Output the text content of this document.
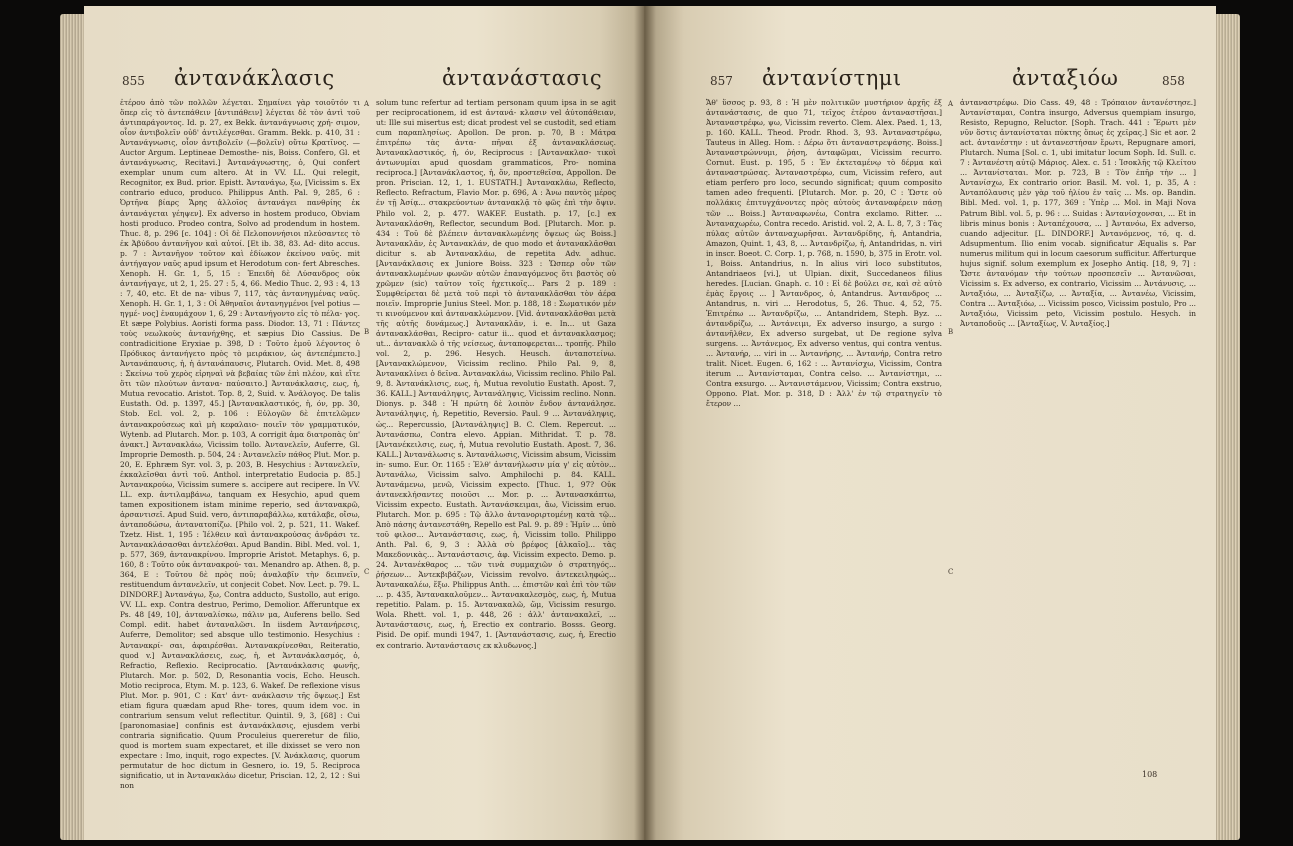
855 ἀντανάκλασις	ἀντανάστασις

ἐτέρου ἀπὸ τῶν πολλῶν λέγεται. Σημαίνει γὰρ τοιοῦτόν τι ὅπερ εἰς τὸ ἀντεπάθειν [ἀντιπάθειν] λέγεται δὲ τὸν ἀντὶ τοῦ ἀντιπαράγοντος. Id. p. 27, ex Bekk. ἀντανάγνωσις χρή- σιμον, οἷον ἀντιβολεῖν οὐδ' ἀντιλέγεσθαι. Gramm. Bekk. p. 410, 31 : Ἀντανάγνωσις, οἷον ἀντιβολεῖν (—βολεῖν) οὔτω Κρατῖνος. — Auctor Argum. Leptineae Demosthe- nis, Boiss. Confero, Gl. et ἀντανάγνωσις, Recitavi.] Ἀντανάγνωστης, ὁ, Qui confert exemplar unum cum altero. At in VV. LL. Qui relegit, Recognitor, ex Bud. prior. Epistt. Ἀντανάγω, ξω, [Vicissim s. Ex contrario educo, produco. Philippus Anth. Pal. 9, 285, 6 : Ὀρτῆνα βίαρς Ἄρης ἀλλοῖος ἀντανάγει πανθρίης ἐκ ἀντανάγεται γέηψεν]. Ex adverso in hostem produco, Obviam hosti produco. Prodeo contra, Solvo ad prodendum in hostem. Thuc. 8, p. 296 [c. 104] : Οἱ δὲ Πελοποννήσιοι πλεύσαντες τὸ ἐκ Ἀβύδου ἀντανῆγον καὶ αὐτοί. [Et ib. 38, 83. Ad- dito accus. p. 7 : Ἀντανῆγον τοῦτον καὶ ἐδίωκον ἐκείνου ναῦς. mit ἀντήγαγον ναῦς apud ipsum et Herodotum con- fert Abresches. Xenoph. H. Gr. 1, 5, 15 : Ἐπειδὴ δὲ Λύσανδρος οὐκ ἀντανήγαγε, ut 2, 1, 25. 27 : 5, 4, 66. Medio Thuc. 2, 93 : 4, 13 : 7, 40, etc. Et de na- vibus 7, 117, τὰς ἀντανηγμένας ναῦς. Xenoph. H. Gr. 1, 1, 3 : Οἱ Ἀθηναῖοι ἀντανηγμένοι [vel potius —ηγμέ- νος] ἐναυμάχουν 1, 6, 29 : Ἀντανήγοντο εἰς τὸ πέλα- γος. Et sæpe Polybius. Aoristi forma pass. Diodor. 13, 71 : Πάντες τοὺς νεωλκοὺς ἀντανήχθης, et sæpius Dio Cassius. De contradicitione Eryxiae p. 398, D : Τοῦτο ἐμοῦ λέγοντος ὁ Πρόδικος ἀντανήγετο πρὸς τὸ μειράκιον, ὡς ἀντεπέμπετο.] Ἀντανάπαυσις, ἡ, ἡ ἀντανάπαυσις, Plutarch. Ovid. Met. 8, 498 : Σκείνω τοῦ χερὸς εἰρηναὶ νὰ βεβαίας τῶν ἐπὶ πλέον, καὶ εἴτε ὅτι τῶν πλούτων ἀντανα- παύσαιτο.] Ἀντανάκλασις, εως, ἡ, Mutua revocatio. Aristot. Top. 8, 2, Suid. v. Ἀνάλογος. De talis Eustath. Od. p. 1397, 45.] [Ἀντανακλαστικός, ἡ, όν, pp. 30, Stob. Ecl. vol. 2, p. 106 : Εὐλογῶν δὲ ἐπιτελῶμεν ἀντανακρούσεως καὶ μὴ κεφαλαιο- ποιεῖν τὸν γραμματικόν, Wytenb. ad Plutarch. Mor. p. 103, A corrigit ἀμα διατροπὰς ὑπ' ἀνακτ.] Ἀντανακλάω, Vicissim tollo. Ἀντανελεῖν, Auferre, Gl. Improprie Demosth. p. 504, 24 : Ἀντανελεῖν πάθος Plut. Mor. p. 20, E. Ephræm Syr. vol. 3, p. 203, B. Hesychius : Ἀντανελεῖν, ἐκκαλεῖσθαι ἀντὶ τοῦ. Anthol. interpretatio Eudocia p. 85.] Ἀντανακρούω, Vicissim sumere s. accipere aut recipere. In VV. LL. exp. ἀντιλαμβάνω, tanquam ex Hesychio, apud quem tamen expositionem istam minime reperio, sed ἀντανακρῶ, ἀρσαντισεῖ. Apud Suid. vero, ἀντιπαραβάλλω, κατάλαβε, οἴσω, ἀνταποδώσω, ἀντανατοπίζω. [Philo vol. 2, p. 521, 11. Wakef. Tzetz. Hist. 1, 195 : Ἰέλθειν καὶ ἀντανακρούσας ἀνδράσι τε. Ἀντανακλάσασθαι ἀντελέσθαι. Apud Bandin. Bibl. Med. vol. 1, p. 577, 369, ἀντανακρίνου. Improprie Aristot. Metaphys. 6, p. 160, 8 : Τοῦτο οὐκ ἀντανακρού- ται. Menandro ap. Athen. 8, p. 364, E : Τοῦτου δὲ πρὸς ποῦ; ἀναλαβῖν τὴν δειπνεῖν, restituendum ἀντανελεῖν, ut conjecit Cobet. Nov. Lect. p. 79. L. DINDORF.] Ἀντανάγω, ξω, Contra adducto, Sustollo, aut erigo. VV. LL. exp. Contra destruo, Perimo, Demolior. Afferuntque ex Ps. 48 [49, 10], ἀνταναλίσκω, πάλιν μα, Auferens bello. Sed Compl. edit. habet ἀνταναλῶσι. In iisdem Ἀντανήρεσις, Auferre, Demolitor; sed absque ullo testimonio. Hesychius : Ἀντανακρί- σαι, ἀφαιρέσθαι. Ἀντανακρίνεσθαι, Reiteratio, quod v.] Ἀντανακλάσεις, εως, ἡ, et Ἀντανάκλασμός, ὁ, Refractio, Reflexio. Reciprocatio. [Ἀντανάκλασις φωνῆς, Plutarch. Mor. p. 502, D, Resonantia vocis, Echo. Heusch. Motio reciproca, Etym. M. p. 123, 6. Wakef. De reflexione visus Plut. Mor. p. 901, C : Κατ' ἀντ- ανάκλασιν τῆς ὄψεως.] Est etiam figura quædam apud Rhe- tores, quum idem voc. in contrarium sensum velut reflectitur. Quintil. 9, 3, [68] : Cui [paronomasiae] confinis est ἀντανάκλασις, ejusdem verbi contraria significatio. Quum Proculeius quereretur de filio, quod is mortem suam expectaret, et ille dixisset se vero non expectare : Imo, inquit, rogo expectes. [V. Ἀνάκλασις, quorum permutatur de hoc dictum in Gesnero, io. 19, 5. Reciproca significatio, ut in Ἀντανακλάω dicetur, Priscian. 12, 2, 12 : Sui non

A
B
C

solum tunc refertur ad tertiam personam quum ipsa in se agit per reciprocationem, id est ἀντανά- κλασιν vel ἀύτοπάθειαν, ut: Ille sui misertus est; dicat prodest vel se custodit, sed etiam cum παραπλησίως. Apollon. De pron. p. 70, B : Μάτρα ἐπιτρέπω τὰς ἀντα- πῆναι ἐξ ἀντανακλάσεως. Ἀντανακλαστικός, ἡ, όν, Reciprocus : [Ἀντανακλασ- τικοὶ ἀντωνυμίαι apud quosdam grammaticos, Pro- nomina reciproca.] [Ἀντανάκλαστος, ἡ, ὄν, προστεθεῖσα, Appollon. De pron. Priscian. 12, 1, 1. EUSTATH.] Ἀντανακλάω, Reflecto, Reflecto. Refractum, Flavio Mor. p. 696, A : Ἀνω παντὸς μέρος ἐν τῇ Ἀσίᾳ... στακρεύοντων ἀντανακλᾷ τὸ φῶς ἐπὶ τὴν ὄψιν. Philo vol. 2, p. 477. WAKEF. Eustath. p. 17, [c.] ex Ἀντανακλάσθη, Reflector, secundum Bod. [Plutarch. Mor. p. 434 : Τοῦ δὲ βλέπειν ἀντανακλωμένης ὄψεως ὡς Boiss.] Ἀντανακλᾶν, ἐς Ἀντανακλάν, de quo modo et ἀντανακλᾶσθαι dicitur s. ab Ἀντανακλάω, de repetita Adv. adhuc. [Ἀντανάκλασις ex Juniore Boiss. 323 : Ὥσπερ οὖν τῶν ἀντανακλωμένων φωνῶν αὐτῶν ἐπαναγόμενος ὅτι βαστὸς οὐ χρῶμεν (sic) ταῦτον τοῖς ἠχετικοῖς... Pars 2 p. 189 : Συμφθείρεται δὲ μετὰ τοῦ περὶ τὸ ἀντανακλᾶσθαι τὸν ἀέρα ποιεῖν. Improprie Junius Steel. Mor. p. 188, 18 : Σωματικόν μέν τι κινούμενον καὶ ἀντανακλώμενον. [Vid. ἀντανακλᾶσθαι μετὰ τῆς αὐτῆς δυνάμεως.] Ἀντανακλᾶν, i. e. In... ut Gaza ἀντανακλάσθαι, Recipro- catur ii... quod et ἀντανακλασμος; ut... ἀντανακλῶ ὁ τῆς νείσεως, ἀνταποφερεται... τροπῆς. Philo vol. 2, p. 296. Hesych. Heusch. ἀνταποτείνω. [Ἀντανακλώμενον, Vicissim reclino. Philo Pal. 9, 8, Ἀντανακλίνει ὁ δεῖνα. Ἀντανακλάω, Vicissim reclino. Philo Pal. 9, 8. Ἀντανάκλισις, εως, ἡ, Mutua revolutio Eustath. Apost. 7, 36. KALL.] Ἀντανάληψις, Ἀντανάληψις, Vicissim reclino. Nonn. Dionys. p. 348 : Ἡ πρώτη δὲ λοιπὸν ἔνδον ἀντανάλησε. Ἀντανάληψις, ἡ, Repetitio, Reversio. Paul. 9 ... Ἀντανάληψις, ὡς... Repercussio, [Ἀντανάληψις] B. C. Clem. Repercut. ... Ἀντανάσπω, Contra elevo. Appian. Mithridat. T. p. 78. [Ἀντανέκειλσις, εως, ἡ, Mutua revolutio Eustath. Apost. 7, 36. KALL.] Ἀντανάλωσις s. Ἀντανάλωσις, Vicissim absum, Vicissim in- sumo. Eur. Or. 1165 : Ἐλθ' ἀντανήλωσιν μία γ' εἰς αὐτὸν... Ἀντανάλω, Vicissim salvo. Amphilochi p. 84. KALL. Ἀντανάμενω, μενῶ, Vicissim expecto. [Thuc. 1, 97? Οὐκ ἀντανεκλήσαντες ποιοῦσι ... Mor. p. ... Ἀντανασκάπτω, Vicissim expecto. Eustath. Ἀντανάσκειμαι, ἄω, Vicissim eruo. Plutarch. Mor. p. 695 : Τῷ ἄλλο ἀντανοριρτομένῃ κατὰ τῷ... Ἀπὸ πάσης ἀντανεστάθη, Repello est Pal. 9. p. 89 : Ἡμῖν ... ὑπὸ τοῦ φιλοσ... Ἀντανάστασις, εως, ἡ, Vicissim tollo. Philippo Anth. Pal. 6, 9, 3 : Ἀλλὰ σὺ βρέφος [ἀλκαῖο]... τὰς Μακεδονικὰς... Ἀντανάστασις, ἀφ. Vicissim expecto. Demo. p. 24. Ἀντανέκθαρος ... τῶν τινὰ συμμαχιῶν ὁ στρατηγός... ῥήσεων... Ἀντεκβιβάζων, Vicissim revolvo. ἀντεκειληφώς... Ἀντανακαλέω, ἔξω. Philippus Anth. ... ἐπιστῶν καὶ ἐπὶ τὸν τῶν ... p. 435, Ἀντανακαλοῦμεν... Ἀντανακαλεσμὸς, εως, ἡ, Mutua repetitio. Palam. p. 15. Ἀντανακαλῶ, ὥμ, Vicissim resurgo. Wola. Rhett. vol. 1, p. 448, 26 : ἀλλ' ἀντανακαλεῖ, ... Ἀντανάστασις, εως, ἡ, Erectio ex contrario. Bosss. Georg. Pisid. De opif. mundi 1947, 1. [Ἀντανάστασις, εως, ἡ, Erectio ex contrario. Ἀντανάστασις εκ κλυδωνος.]

857 ἀντανίστημι	ἀνταξιόω	858

Ἄθ' ὕσσος p. 93, 8 : Ἡ μὲν πολιτικῶν μυστήριον ἀρχῆς ἐξ ἀντανάστασις, de quo 71, τεῖχος ἑτέρου ἀνταναστῆσαι.] Ἀνταναστρέφω, ψω, Vicissim reverto. Clem. Alex. Paed. 1, 13, p. 160. KALL. Theod. Prodr. Rhod. 3, 93. Ἀνταναστρέφω, Tauteus in Alleg. Hom. : Δέρω ὅτι ἀνταναστρεψάσης. Boiss.] Ἀνταναστρώννυμι, ῥήση, ἀνταφῶμαι, Vicissim recurro. Cornut. Eust. p. 195, 5 : Ἐν ἐκτεταμένῳ τὸ δέρμα καὶ ἀνταναστρώσας. Ἀνταναστρέφω, cum, Vicissim refero, aut etiam perfero pro loco, secundo significat; quum composito tamen adeo frequenti. [Plutarch. Mor. p. 20, C : Ὥστε οὐ πολλάκις ἐπιτυγχάνοντες πρὸς αὐτοὺς ἀνταναφέρειν πάσῃ τῶν ... Boiss.] Ἀνταναφωνέω, Contra exclamo. Ritter. ... Ἀνταναχωρέω, Contra recedo. Aristid. vol. 2, A. L. 8, 7, 3 : Τὰς πύλας αὐτῶν ἀνταναχωρῆσαι. Ἀντανδρίδης, ἡ, Antandria, Amazon, Quint. 1, 43, 8, ... Ἀντανδρίζω, ἡ, Antandridas, n. viri in inscr. Boeot. C. Corp. 1, p. 768, n. 1590, b, 375 in Erotr. vol. 1, Boiss. Antandrius, n. In alius viri loco substitutos, Antandriaeos [vi.], ut Ulpian. dixit, Succedaneos filius heredes. [Lucian. Gnaph. c. 10 : Εἰ δὲ βούλει σε, καὶ σὲ αὐτὸ ἐμὰς ἔργοις ... ] Ἄντανδρος, ὁ, Antandrus. Ἀντανδρος ... Antandrus, n. viri ... Herodotus, 5, 26. Thuc. 4, 52, 75. Ἐπιτρέπω ... Ἀντανδρίζω, ... Antandridem, Steph. Byz. ... ἀντανδρίζω, ... Ἀντάνειμι, Ex adverso insurgo, a surgo : ἀντανῆλθεν, Ex adverso surgebat, ut De regione sylva surgens. ... Ἀντάνεμος, Ex adverso ventus, qui contra ventus. ... Ἀντανήρ, ... viri in ... Ἀντανήρης, ... Ἀντανήρ, Contra retro tralit. Nicet. Eugen. 6, 162 : ... Ἀντανίσχω, Vicissim, Contra iterum ... Ἀντανίσταμαι, Contra celso. ... Ἀντανίστημι, ... Contra exsurgo. ... Ἀντανιστάμενον, Vicissim; Contra exstruo, Oppono. Plat. Mor. p. 318, D : Ἀλλ' ἐν τῷ στρατηγεῖν τὸ ἔτερον ...

A
B
C

ἀνταναστρέφω. Dio Cass. 49, 48 : Τρόπαιον ἀντανέστησε.] Ἀντανίσταμαι, Contra insurgo, Adversus quempiam insurgo, Resisto, Repugno, Reluctor. [Soph. Trach. 441 : Ἔρωτι μὲν νῦν ὅστις ἀντανίσταται πύκτης ὅπως ἐς χεῖρας.] Sic et aor. 2 act. ἀντανέστην : ut ἀντανεστήσαν ἔρωτι, Repugnare amori, Plutarch. Numa [Sol. c. 1, ubi imitatur locum Soph. Id. Sull. c. 7 : Ἀντανέστη αὐτῷ Μάριος. Alex. c. 51 : Ἰσοκλῆς τῷ Κλείτου ... Ἀντανίσταται. Mor. p. 723, B : Τὸν ἐπῆρ τὴν ... ] Ἀντανίσχω, Ex contrario orior. Basil. M. vol. 1, p. 35, A : Ἀνταπόλαυσις μὲν γὰρ τοῦ ἡλίου ἐν ταῖς ... Ms. op. Bandin. Bibl. Med. vol. 1, p. 177, 369 : Ὑπὲρ ... Mol. in Maji Nova Patrum Bibl. vol. 5, p. 96 : ... Suidas : Ἀντανίσχονσαι, ... Et in libris minus bonis : Ἀνταπέχουσα, ... ] Ἀντανόω, Ex adverso, cuando adjecitur. [L. DINDORF.] Ἀντανόμενος, τό, q. d. Adsupmentum. Ilio enim vocab. significatur Æqualis s. Par numerus militum qui in locum caesorum sufficitur. Afferturque hujus signif. solum exemplum ex Josepho Antiq. [18, 9, 7] : Ὥστε ἀντανόμαν τὴν τούτων προσπεσεῖν ... Ἀντανῶσαι, Vicissim s. Ex adverso, ex contrario, Vicissim ... Ἀντάνυσις, ... Ἀνταξιόω, ... Ἀνταξίζω, ... Ἀνταξία, ... Ἀντανέω, Vicissim, Contra ... Ἀνταξιόω, ... Vicissim posco, Vicissim postulo, Pro ... Ἀνταξιόω, Vicissim peto, Vicissim postulo. Hesych. in Ἀνταποδοῦς ... [Ἀνταξίως, V. Ἀνταξίος.]

108
